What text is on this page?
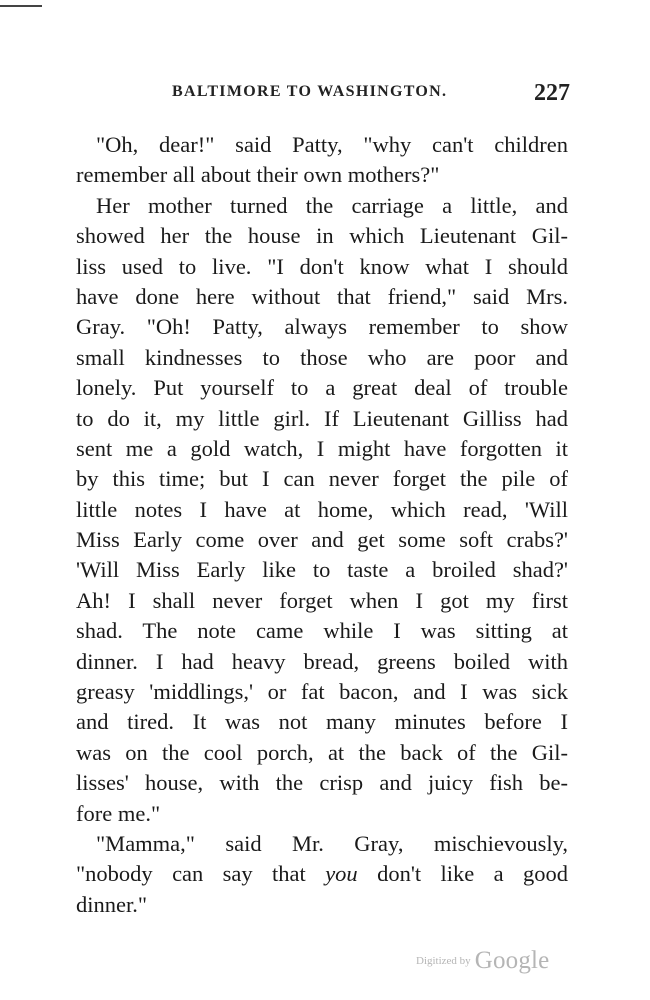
BALTIMORE TO WASHINGTON.	227
"Oh, dear!" said Patty, "why can't children
remember all about their own mothers?"
Her mother turned the carriage a little, and
showed her the house in which Lieutenant Gil-
liss used to live. "I don't know what I should
have done here without that friend," said Mrs.
Gray. "Oh! Patty, always remember to show
small kindnesses to those who are poor and
lonely. Put yourself to a great deal of trouble
to do it, my little girl. If Lieutenant Gilliss had
sent me a gold watch, I might have forgotten it
by this time; but I can never forget the pile of
little notes I have at home, which read, 'Will
Miss Early come over and get some soft crabs?'
'Will Miss Early like to taste a broiled shad?'
Ah! I shall never forget when I got my first
shad. The note came while I was sitting at
dinner. I had heavy bread, greens boiled with
greasy 'middlings,' or fat bacon, and I was sick
and tired. It was not many minutes before I
was on the cool porch, at the back of the Gil-
lisses' house, with the crisp and juicy fish be-
fore me."
"Mamma," said Mr. Gray, mischievously,
"nobody can say that you don't like a good
dinner."
Digitized by Google
